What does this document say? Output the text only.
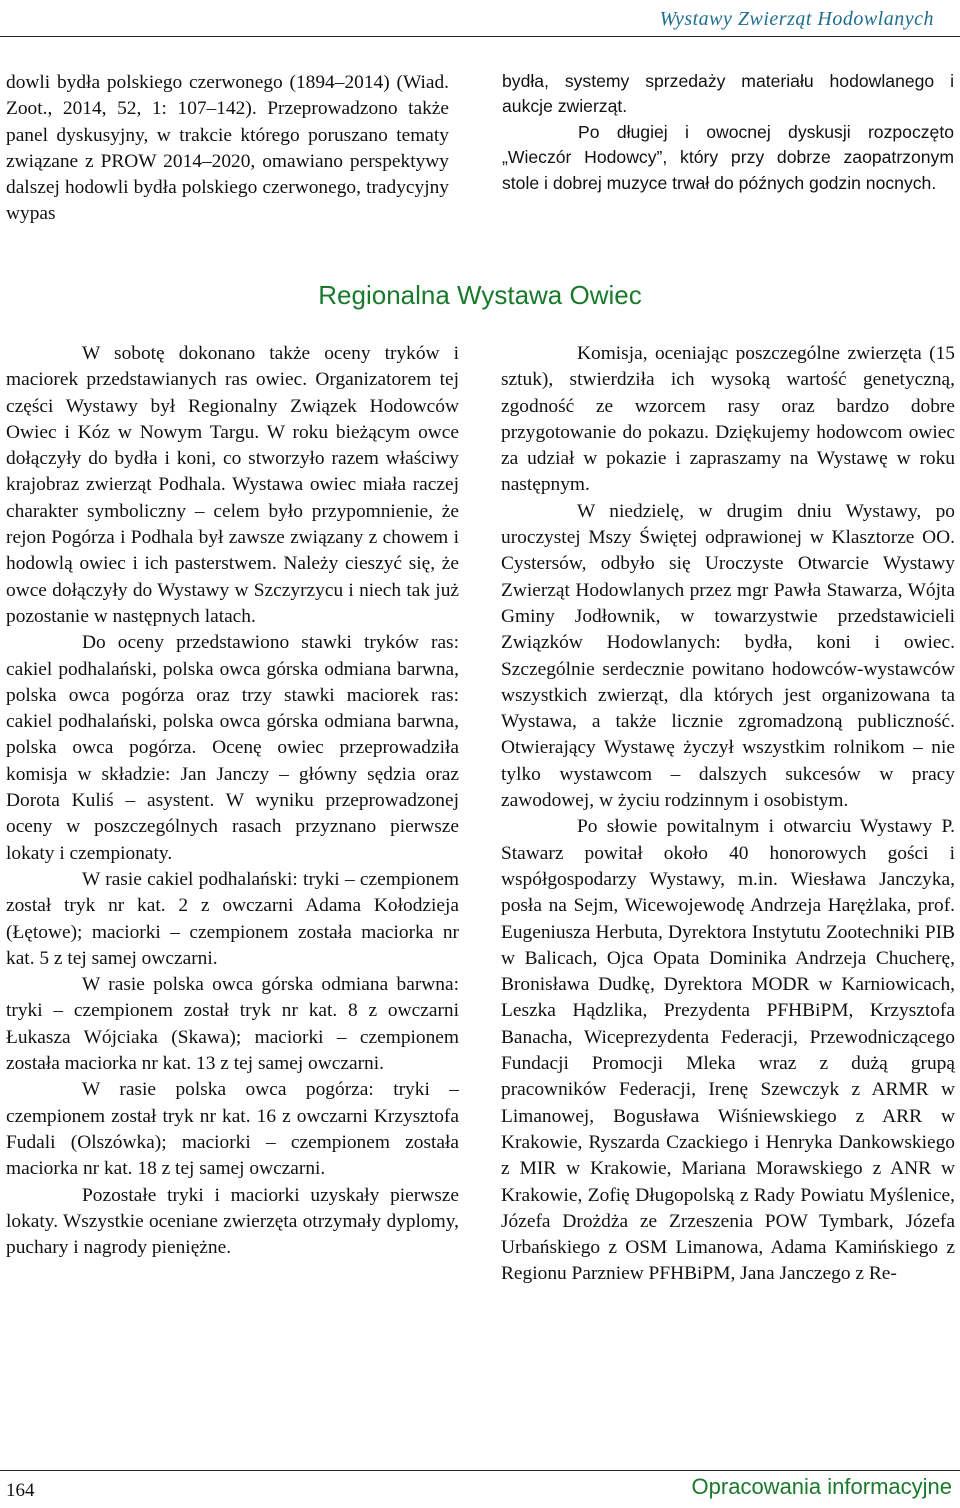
Wystawy Zwierząt Hodowlanych

dowli bydła polskiego czerwonego (1894–2014) (Wiad. Zoot., 2014, 52, 1: 107–142). Przeprowadzono także panel dyskusyjny, w trakcie którego poruszano tematy związane z PROW 2014–2020, omawiano perspektywy dalszej hodowli bydła polskiego czerwonego, tradycyjny wypas

bydła, systemy sprzedaży materiału hodowlanego i aukcje zwierząt.

Po długiej i owocnej dyskusji rozpoczęto „Wieczór Hodowcy”, który przy dobrze zaopatrzonym stole i dobrej muzyce trwał do późnych godzin nocnych.

Regionalna Wystawa Owiec

W sobotę dokonano także oceny tryków i maciorek przedstawianych ras owiec. Organizatorem tej części Wystawy był Regionalny Związek Hodowców Owiec i Kóz w Nowym Targu. W roku bieżącym owce dołączyły do bydła i koni, co stworzyło razem właściwy krajobraz zwierząt Podhala. Wystawa owiec miała raczej charakter symboliczny – celem było przypomnienie, że rejon Pogórza i Podhala był zawsze związany z chowem i hodowlą owiec i ich pasterstwem. Należy cieszyć się, że owce dołączyły do Wystawy w Szczyrzycu i niech tak już pozostanie w następnych latach.

Do oceny przedstawiono stawki tryków ras: cakiel podhalański, polska owca górska odmiana barwna, polska owca pogórza oraz trzy stawki maciorek ras: cakiel podhalański, polska owca górska odmiana barwna, polska owca pogórza. Ocenę owiec przeprowadziła komisja w składzie: Jan Janczy – główny sędzia oraz Dorota Kuliś – asystent. W wyniku przeprowadzonej oceny w poszczególnych rasach przyznano pierwsze lokaty i czempionaty.

W rasie cakiel podhalański: tryki – czempionem został tryk nr kat. 2 z owczarni Adama Kołodzieja (Łętowe); maciorki – czempionem została maciorka nr kat. 5 z tej samej owczarni.

W rasie polska owca górska odmiana barwna: tryki – czempionem został tryk nr kat. 8 z owczarni Łukasza Wójciaka (Skawa); maciorki – czempionem została maciorka nr kat. 13 z tej samej owczarni.

W rasie polska owca pogórza: tryki – czempionem został tryk nr kat. 16 z owczarni Krzysztofa Fudali (Olszówka); maciorki – czempionem została maciorka nr kat. 18 z tej samej owczarni.

Pozostałe tryki i maciorki uzyskały pierwsze lokaty. Wszystkie oceniane zwierzęta otrzymały dyplomy, puchary i nagrody pieniężne.

Komisja, oceniając poszczególne zwierzęta (15 sztuk), stwierdziła ich wysoką wartość genetyczną, zgodność ze wzorcem rasy oraz bardzo dobre przygotowanie do pokazu. Dziękujemy hodowcom owiec za udział w pokazie i zapraszamy na Wystawę w roku następnym.

W niedzielę, w drugim dniu Wystawy, po uroczystej Mszy Świętej odprawionej w Klasztorze OO. Cystersów, odbyło się Uroczyste Otwarcie Wystawy Zwierząt Hodowlanych przez mgr Pawła Stawarza, Wójta Gminy Jodłownik, w towarzystwie przedstawicieli Związków Hodowlanych: bydła, koni i owiec. Szczególnie serdecznie powitano hodowców-wystawców wszystkich zwierząt, dla których jest organizowana ta Wystawa, a także licznie zgromadzoną publiczność. Otwierający Wystawę życzył wszystkim rolnikom – nie tylko wystawcom – dalszych sukcesów w pracy zawodowej, w życiu rodzinnym i osobistym.

Po słowie powitalnym i otwarciu Wystawy P. Stawarz powitał około 40 honorowych gości i współgospodarzy Wystawy, m.in. Wiesława Janczyka, posła na Sejm, Wicewojewodę Andrzeja Harężlaka, prof. Eugeniusza Herbuta, Dyrektora Instytutu Zootechniki PIB w Balicach, Ojca Opata Dominika Andrzeja Chucherę, Bronisława Dudkę, Dyrektora MODR w Karniowicach, Leszka Hądzlika, Prezydenta PFHBiPM, Krzysztofa Banacha, Wiceprezydenta Federacji, Przewodniczącego Fundacji Promocji Mleka wraz z dużą grupą pracowników Federacji, Irenę Szewczyk z ARMR w Limanowej, Bogusława Wiśniewskiego z ARR w Krakowie, Ryszarda Czackiego i Henryka Dankowskiego z MIR w Krakowie, Mariana Morawskiego z ANR w Krakowie, Zofię Długopolską z Rady Powiatu Myślenice, Józefa Drożdża ze Zrzeszenia POW Tymbark, Józefa Urbańskiego z OSM Limanowa, Adama Kamińskiego z Regionu Parzniew PFHBiPM, Jana Janczego z Re-

164	Opracowania informacyjne
